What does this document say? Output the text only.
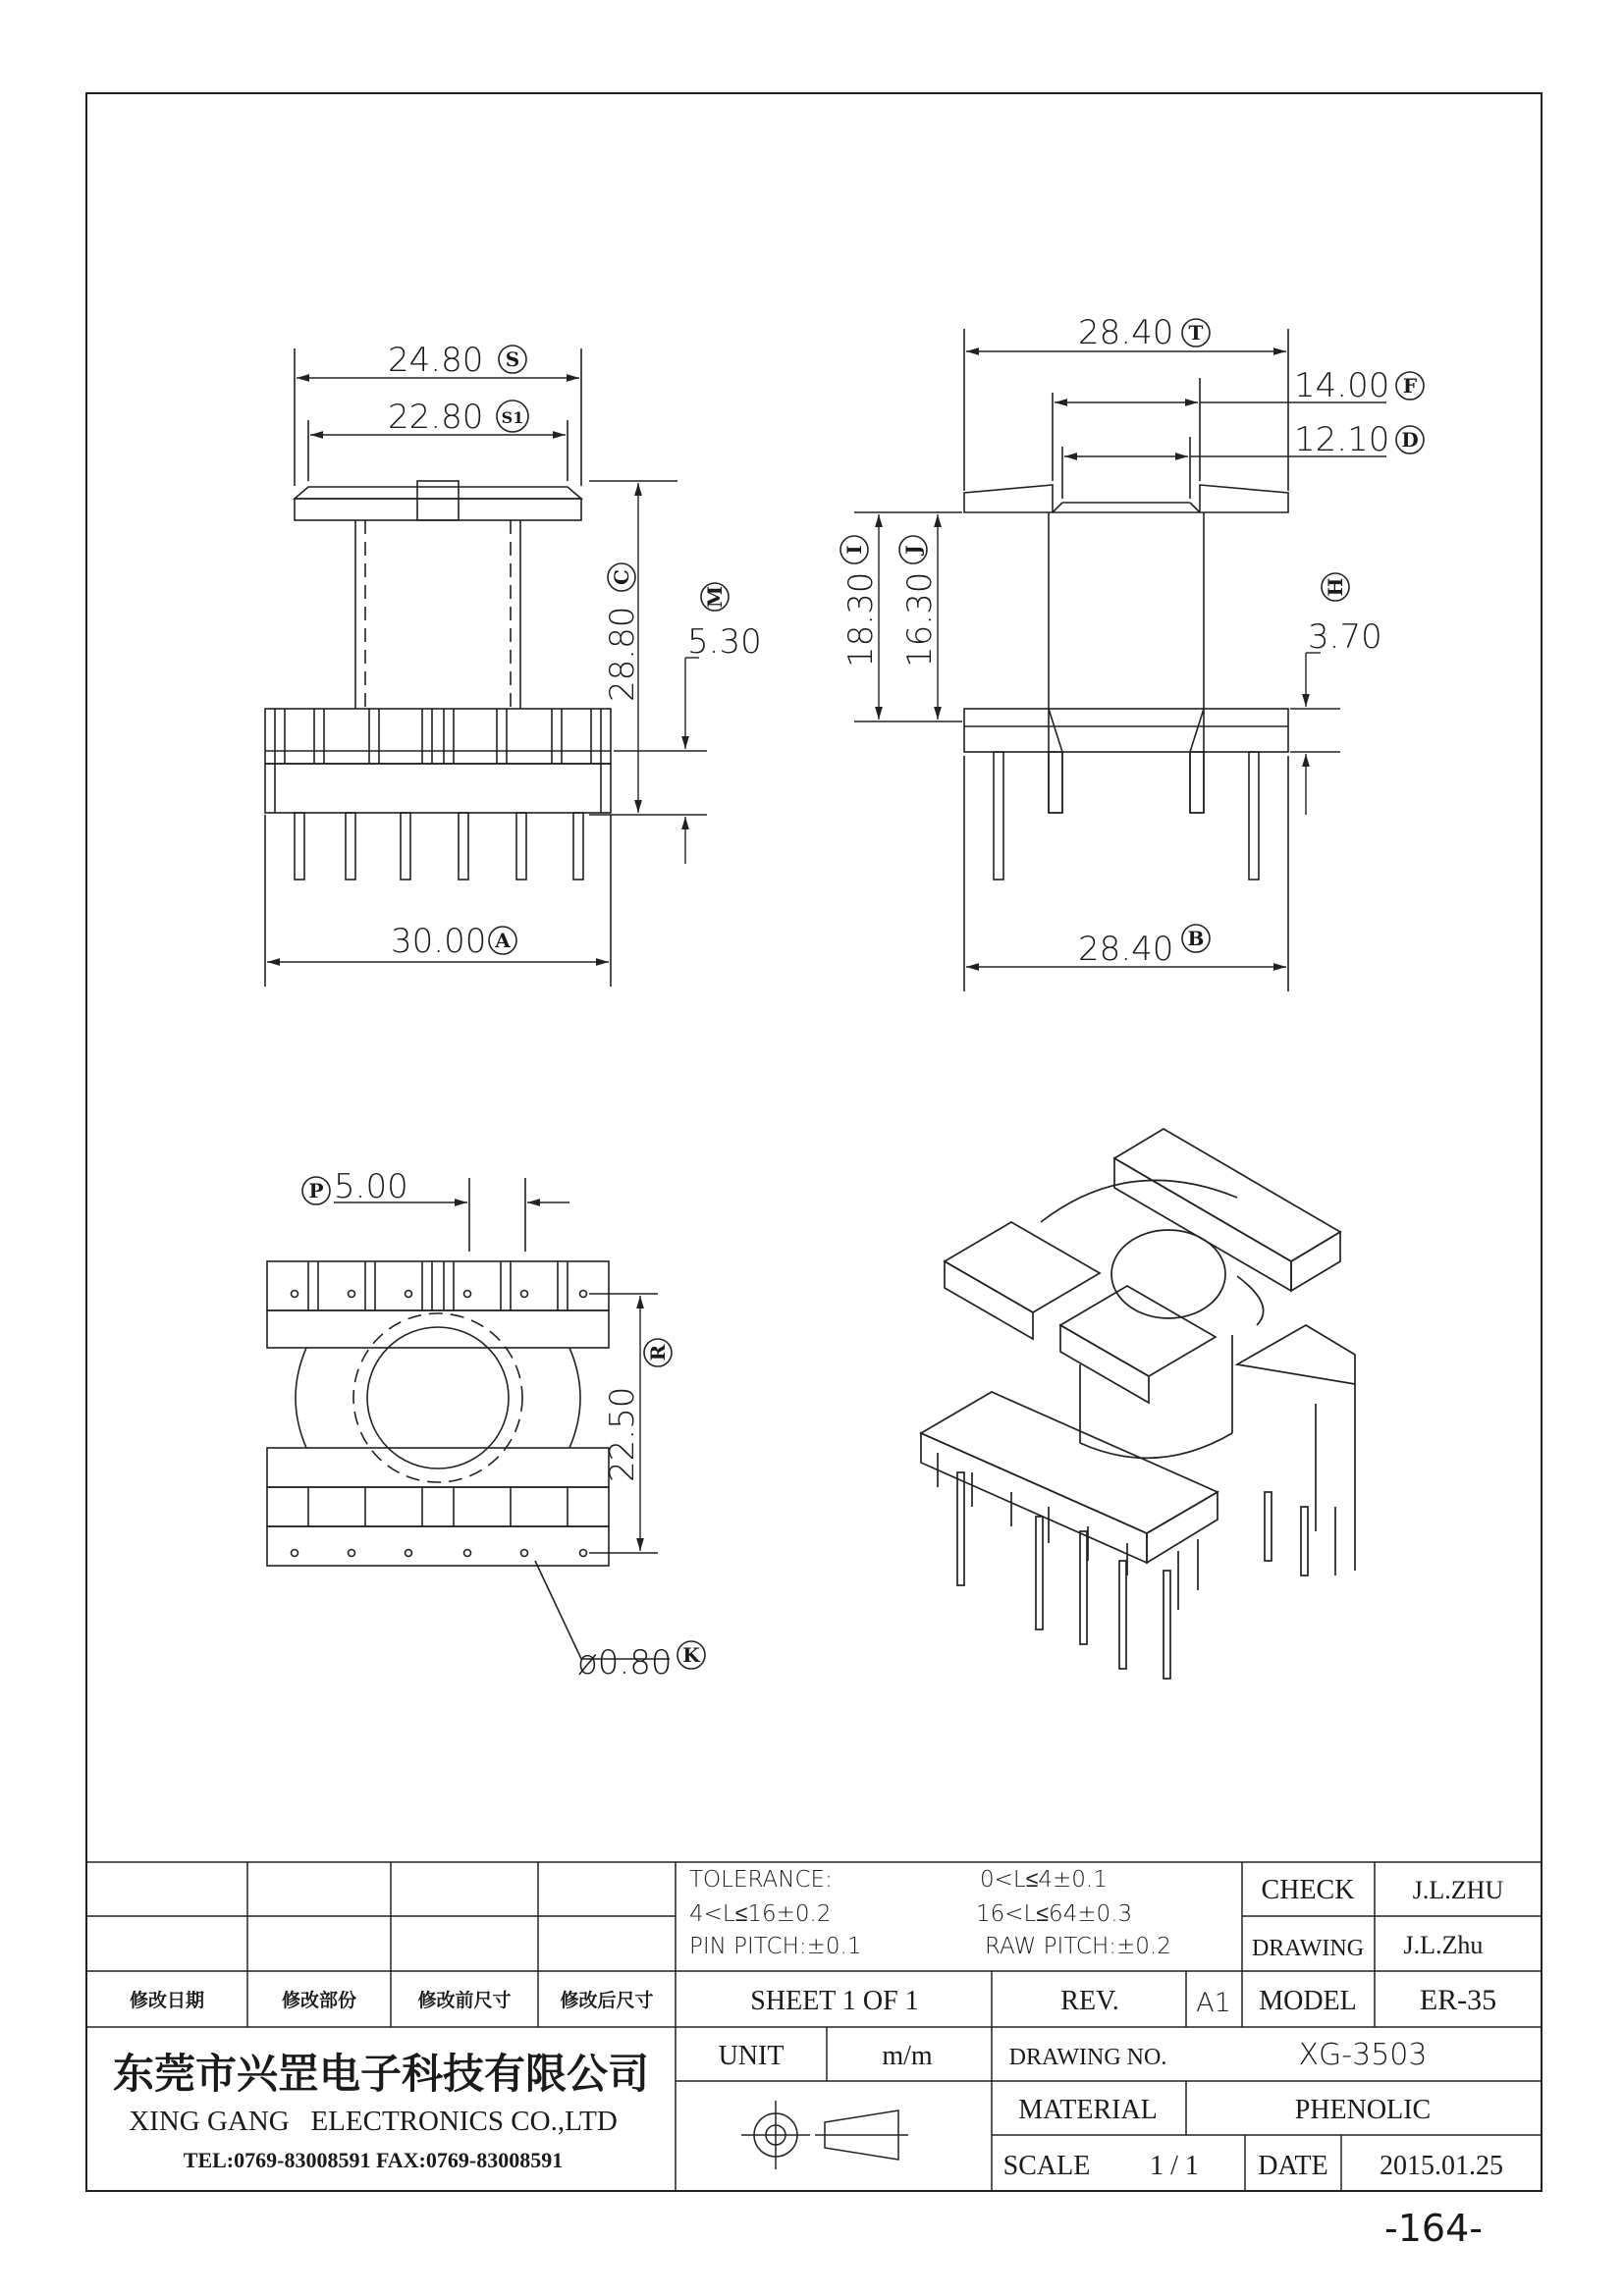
24.80 S
22.80 S1
30.00 A
28.80
C
5.30
M
28.40 T
14.00 F
12.10 D
28.40 B
18.30
I
16.30
J
3.70
H
P 5.00
22.50
R
ø0.80 K
TOLERANCE:	0<L≤4±0.1
4<L≤16±0.2	16<L≤64±0.3
PIN PITCH:±0.1	RAW PITCH:±0.2
CHECK J.L.ZHU
DRAWING J.L.Zhu
修改日期	修改部份	修改前尺寸	修改后尺寸	SHEET 1 OF 1	REV.	A1 MODEL ER-35
UNIT	m/m	DRAWING NO.	XG-3503
MATERIAL	PHENOLIC
SCALE 1 / 1 DATE 2015.01.25
东莞市兴罡电子科技有限公司
XING GANG   ELECTRONICS CO.,LTD
TEL:0769-83008591 FAX:0769-83008591
-164-
